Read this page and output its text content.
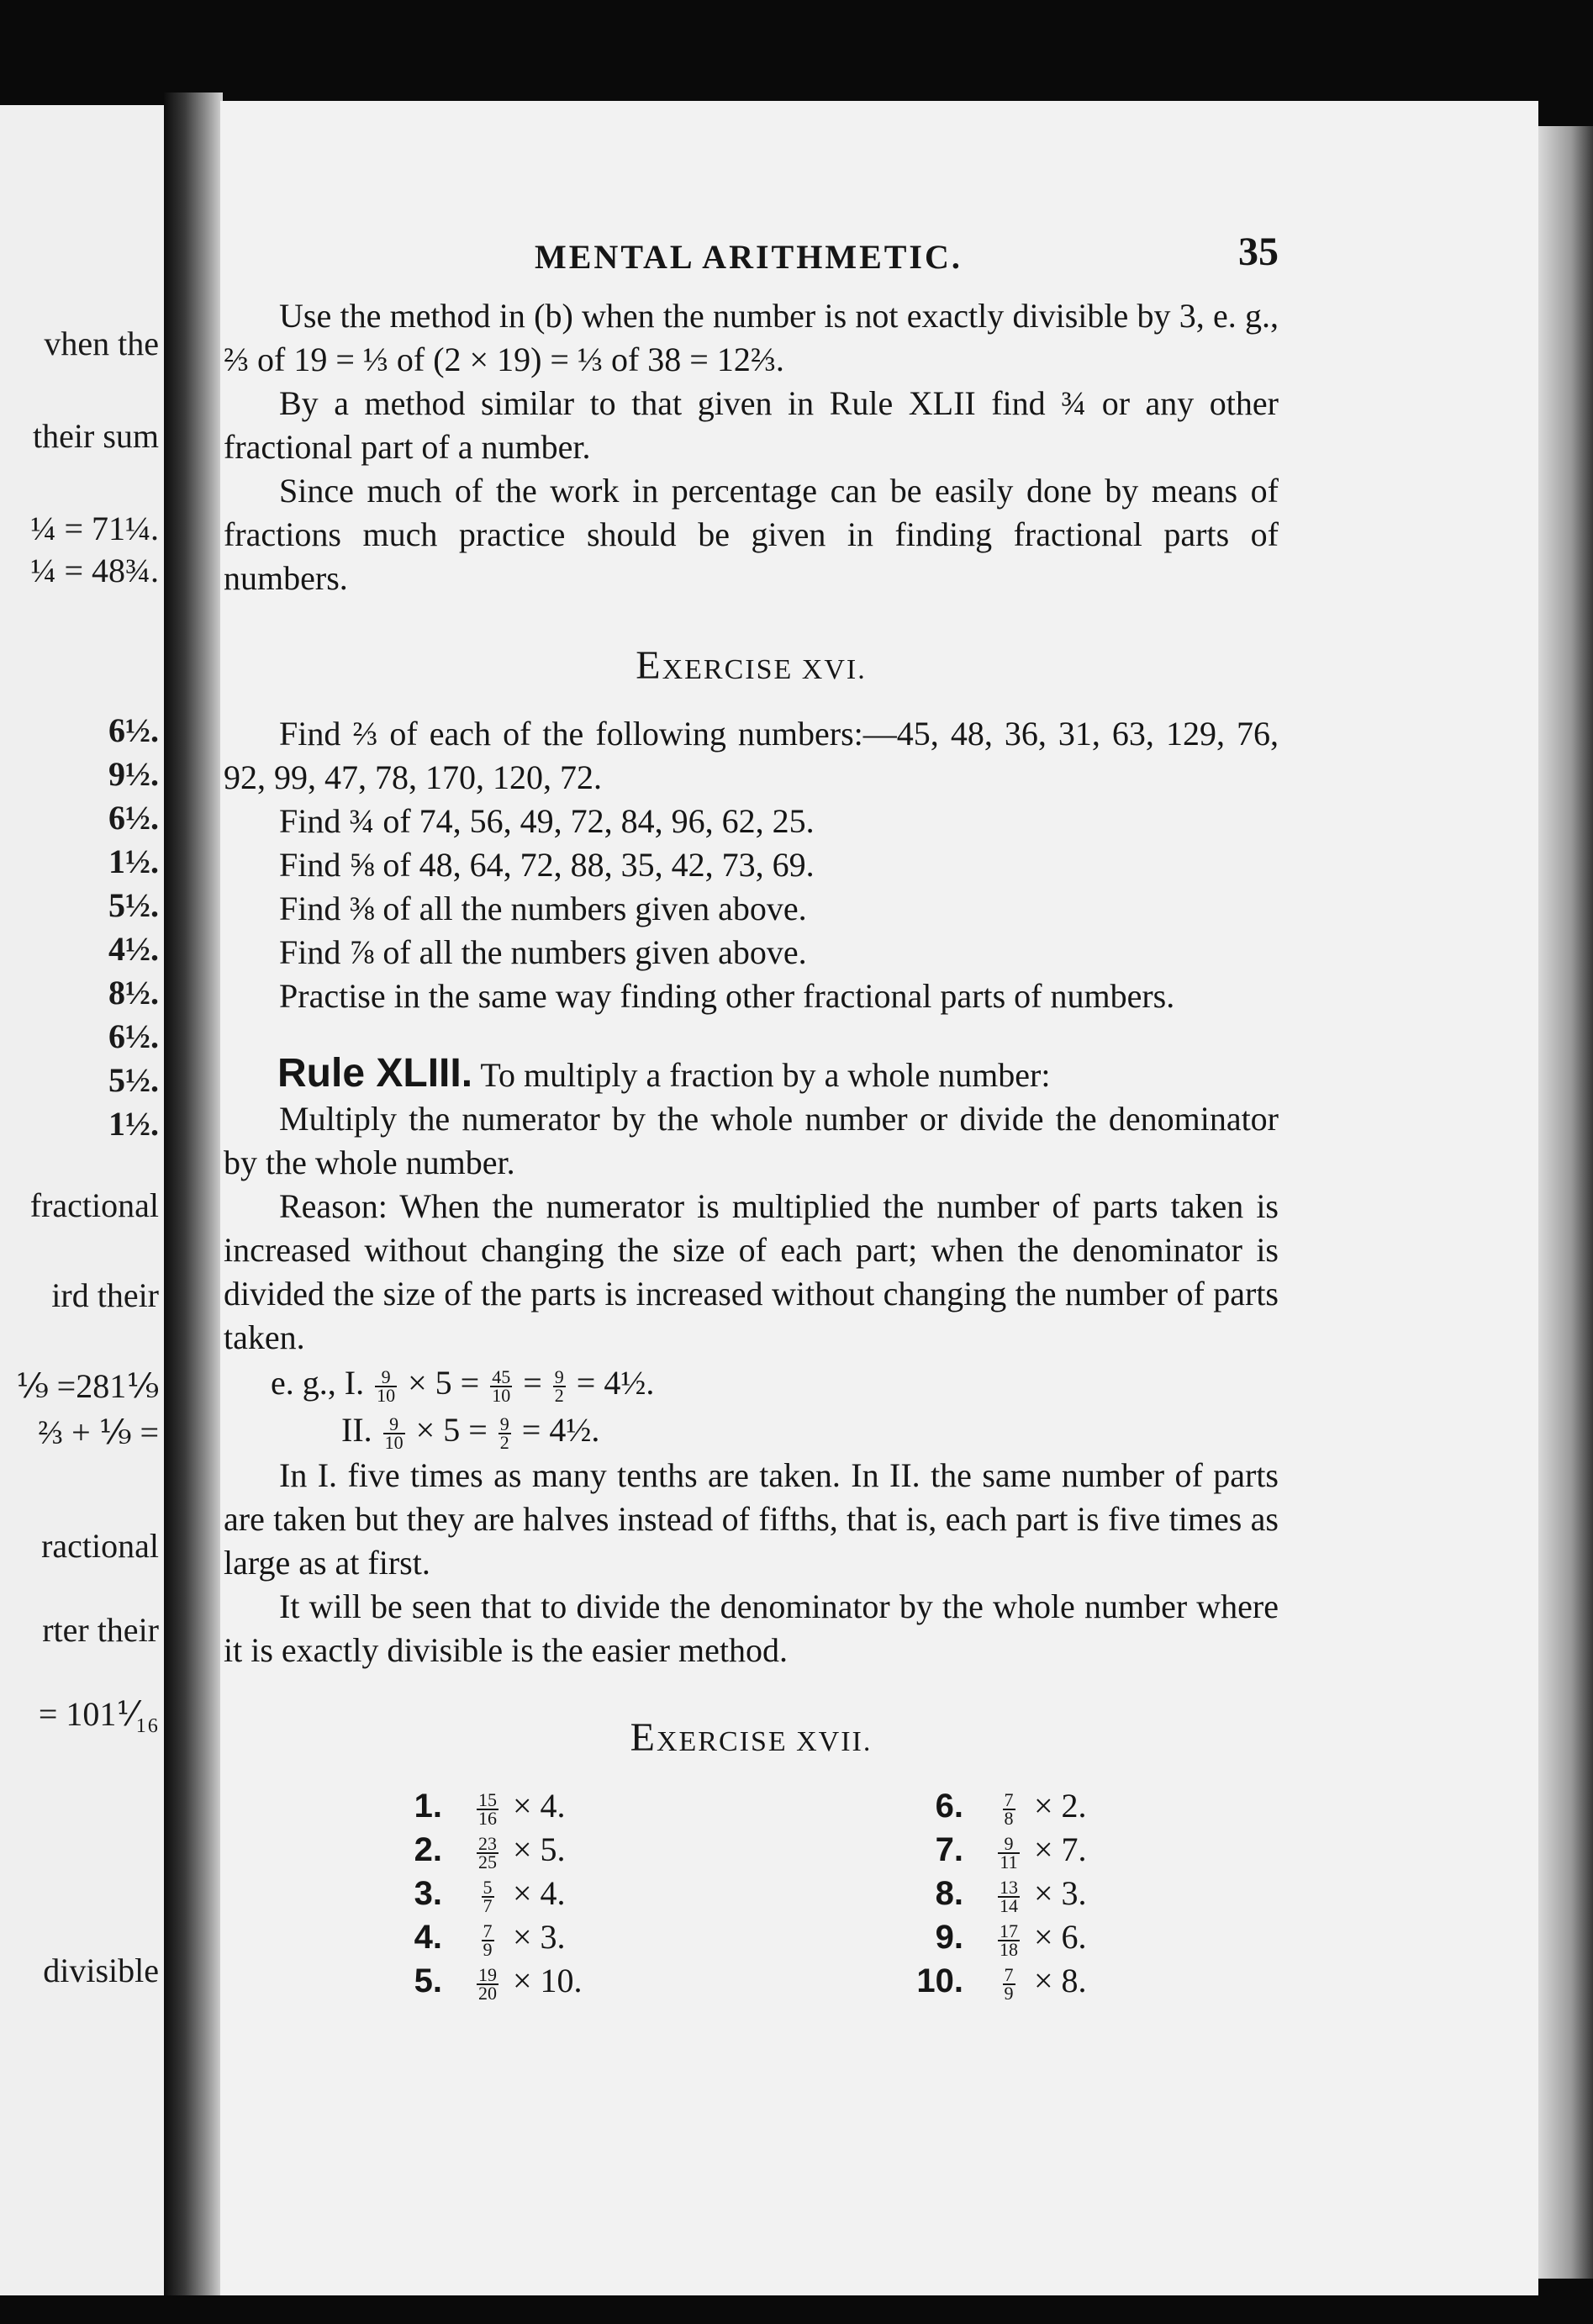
vhen the
their sum
¼ = 71¼.
¼ = 48¾.
6½.
9½.
6½.
1½.
5½.
4½.
8½.
6½.
5½.
1½.
fractional
ird their
⅑ =281⅑
⅔ + ⅑ =
ractional
rter their
= 101⅟₁₆
divisible
MENTAL ARITHMETIC.	35

Use the method in (b) when the number is not exactly divisible by 3, e. g., ⅔ of 19 = ⅓ of (2 × 19) = ⅓ of 38 = 12⅔.

By a method similar to that given in Rule XLII find ¾ or any other fractional part of a number.

Since much of the work in percentage can be easily done by means of fractions much practice should be given in finding fractional parts of numbers.

EXERCISE XVI.

Find ⅔ of each of the following numbers:—45, 48, 36, 31, 63, 129, 76, 92, 99, 47, 78, 170, 120, 72.

Find ¾ of 74, 56, 49, 72, 84, 96, 62, 25.

Find ⅝ of 48, 64, 72, 88, 35, 42, 73, 69.

Find ⅜ of all the numbers given above.

Find ⅞ of all the numbers given above.

Practise in the same way finding other fractional parts of numbers.

Rule XLIII. To multiply a fraction by a whole number:

Multiply the numerator by the whole number or divide the denominator by the whole number.

Reason: When the numerator is multiplied the number of parts taken is increased without changing the size of each part; when the denominator is divided the size of the parts is increased without changing the number of parts taken.

e. g., I. $\frac{9}{10} \times 5 = \frac{45}{10} = \frac{9}{2}$ = 4½.
II. $\frac{9}{10} \times 5 = \frac{9}{2}$ = 4½.

In I. five times as many tenths are taken. In II. the same number of parts are taken but they are halves instead of fifths, that is, each part is five times as large as at first.

It will be seen that to divide the denominator by the whole number where it is exactly divisible is the easier method.

EXERCISE XVII.
1. $\frac{15}{16} \times 4$.
2. $\frac{23}{25} \times 5$.
3. $\frac{5}{7} \times 4$.
4. $\frac{7}{9} \times 3$.
5. $\frac{19}{20} \times 10$.
6. $\frac{7}{8} \times 2$.
7. $\frac{9}{11} \times 7$.
8. $\frac{13}{14} \times 3$.
9. $\frac{17}{18} \times 6$.
10. $\frac{7}{9} \times 8$.
